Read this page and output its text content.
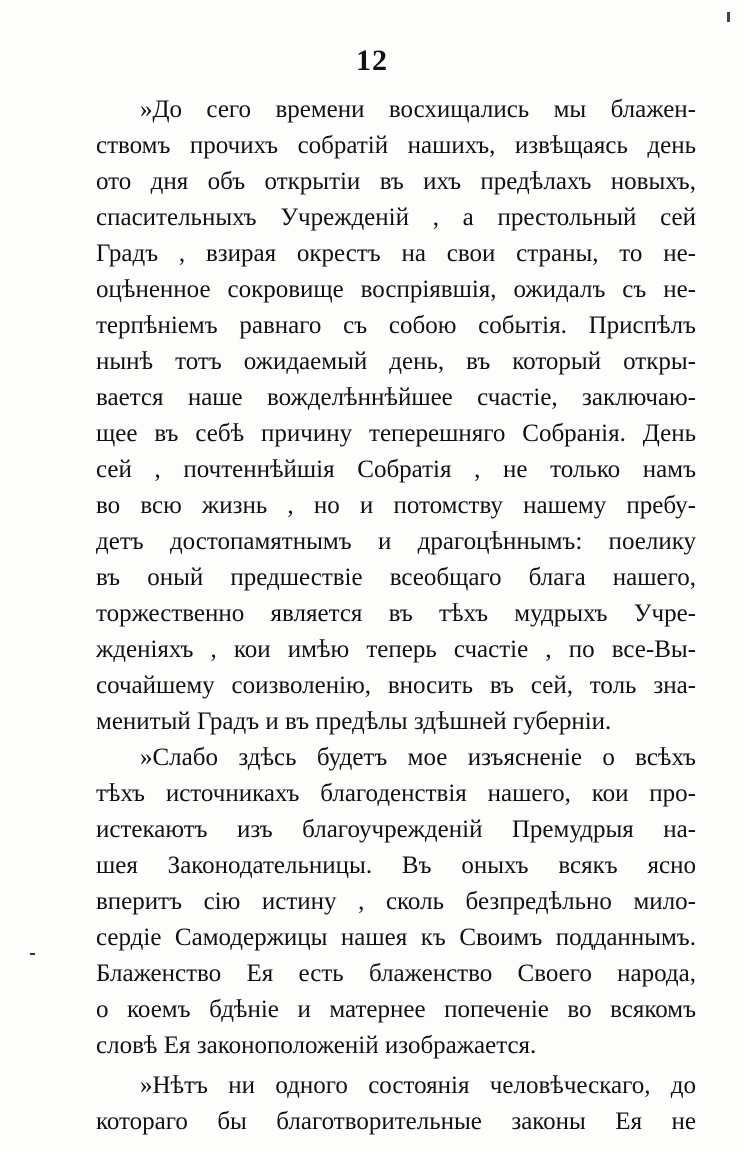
12
»До сего времени восхищались мы блажен-
ствомъ прочихъ собратій нашихъ, извѣщаясь день
ото дня объ открытіи въ ихъ предѣлахъ новыхъ,
спасительныхъ Учрежденій , а престольный сей
Градъ , взирая окрестъ на свои страны, то не-
оцѣненное сокровище воспріявшія, ожидалъ съ не-
терпѣніемъ равнаго съ собою событія. Приспѣлъ
нынѣ тотъ ожидаемый день, въ который откры-
вается наше вожделѣннѣйшее счастіе, заключаю-
щее въ себѣ причину теперешняго Собранія. День
сей , почтеннѣйшія Собратія , не только намъ
во всю жизнь , но и потомству нашему пребу-
детъ достопамятнымъ и драгоцѣннымъ: поелику
въ оный предшествіе всеобщаго блага нашего,
торжественно является въ тѣхъ мудрыхъ Учре-
жденіяхъ , кои имѣю теперь счастіе , по все-Вы-
сочайшему соизволенію, вносить въ сей, толь зна-
менитый Градъ и въ предѣлы здѣшней губерніи.
»Слабо здѣсь будетъ мое изъясненіе о всѣхъ
тѣхъ источникахъ благоденствія нашего, кои про-
истекаютъ изъ благоучрежденій Премудрыя на-
шея Законодательницы. Въ оныхъ всякъ ясно
вперитъ сію истину , сколь безпредѣльно мило-
сердіе Самодержицы нашея къ Своимъ подданнымъ.
Блаженство Ея есть блаженство Своего народа,
о коемъ бдѣніе и матернее попеченіе во всякомъ
словѣ Ея законоположеній изображается.
»Нѣтъ ни одного состоянія человѣческаго, до
котораго бы благотворительные законы Ея не
